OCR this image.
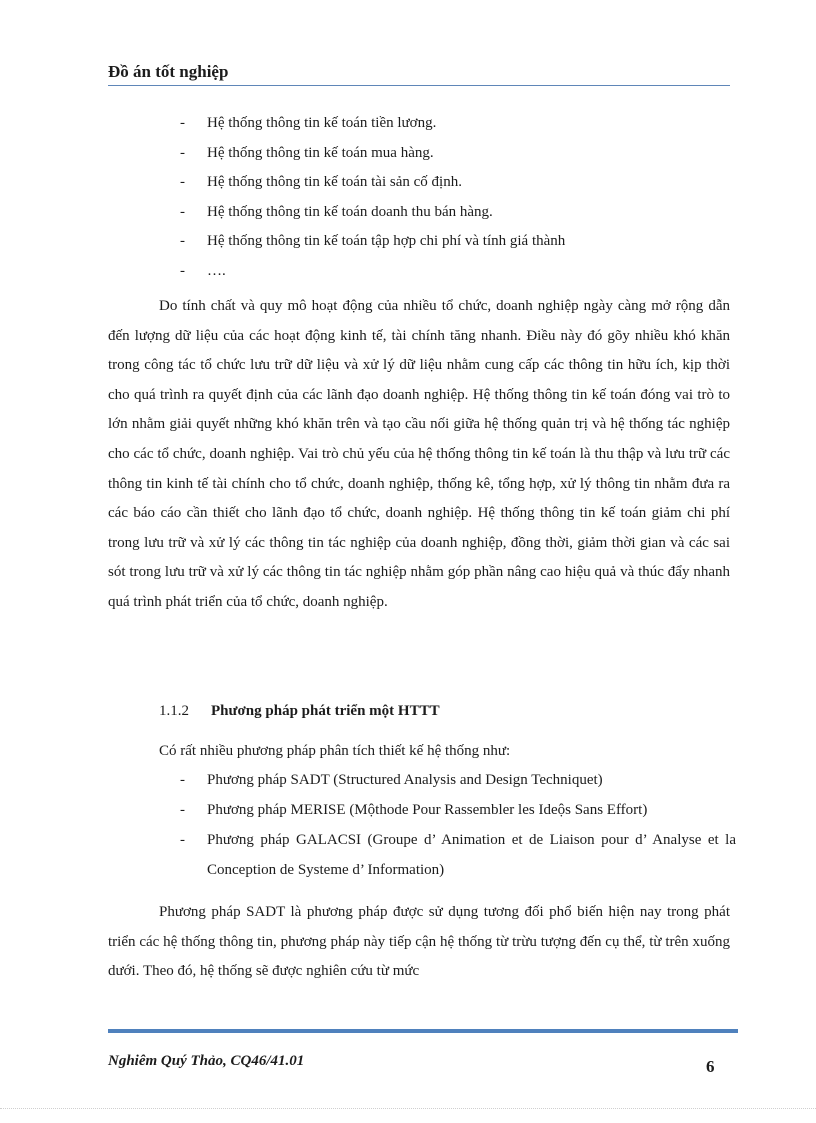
Đồ án tốt nghiệp
-	Hệ thống thông tin kế toán tiền lương.
-	Hệ thống thông tin kế toán mua hàng.
-	Hệ thống thông tin kế toán tài sản cố định.
-	Hệ thống thông tin kế toán doanh thu bán hàng.
-	Hệ thống thông tin kế toán tập hợp chi phí và tính giá thành
-	….

Do tính chất và quy mô hoạt động của nhiều tổ chức, doanh nghiệp ngày càng mở rộng dẫn đến lượng dữ liệu của các hoạt động kinh tế, tài chính tăng nhanh. Điều này đó gõy nhiều khó khăn trong công tác tổ chức lưu trữ dữ liệu và xử lý dữ liệu nhằm cung cấp các thông tin hữu ích, kịp thời cho quá trình ra quyết định của các lãnh đạo doanh nghiệp. Hệ thống thông tin kế toán đóng vai trò to lớn nhằm giải quyết những khó khăn trên và tạo cầu nối giữa hệ thống quản trị và hệ thống tác nghiệp cho các tổ chức, doanh nghiệp. Vai trò chủ yếu của hệ thống thông tin kế toán là thu thập và lưu trữ các thông tin kinh tế tài chính cho tổ chức, doanh nghiệp, thống kê, tổng hợp, xử lý thông tin nhằm đưa ra các báo cáo cần thiết cho lãnh đạo tổ chức, doanh nghiệp. Hệ thống thông tin kế toán giảm chi phí trong lưu trữ và xử lý các thông tin tác nghiệp của doanh nghiệp, đồng thời, giảm thời gian và các sai sót trong lưu trữ và xử lý các thông tin tác nghiệp nhằm góp phần nâng cao hiệu quả và thúc đẩy nhanh quá trình phát triển của tổ chức, doanh nghiệp.

1.1.2 Phương pháp phát triển một HTTT
Có rất nhiều phương pháp phân tích thiết kế hệ thống như:
- Phương pháp SADT (Structured Analysis and Design Techniquet)
- Phương pháp MERISE (Mộthode Pour Rassembler les Ideộs Sans Effort)
- Phương pháp GALACSI (Groupe d’ Animation et de Liaison pour d’ Analyse et la Conception de Systeme d’ Information)

Phương pháp SADT là phương pháp được sử dụng tương đối phổ biến hiện nay trong phát triển các hệ thống thông tin, phương pháp này tiếp cận hệ thống từ trừu tượng đến cụ thể, từ trên xuống dưới. Theo đó, hệ thống sẽ được nghiên cứu từ mức

Nghiêm Quý Thảo, CQ46/41.01	6
